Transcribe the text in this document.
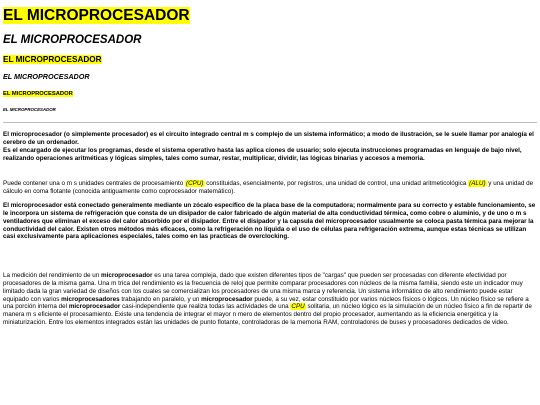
EL MICROPROCESADOR
EL MICROPROCESADOR
EL MICROPROCESADOR
EL MICROPROCESADOR
EL MICROPROCESADOR
EL MICROPROCESADOR
El microprocesador (o simplemente procesador) es el circuito integrado central m s complejo de un sistema informático; a modo de ilustración, se le suele llamar por analogía el cerebro de un ordenador.
Es el encargado de ejecutar los programas, desde el sistema operativo hasta las aplica ciones de usuario; solo ejecuta instrucciones programadas en lenguaje de bajo nivel, realizando operaciones aritméticas y lógicas simples, tales como sumar, restar, multiplicar, dividir, las lógicas binarias y accesos a memoria.

Puede contener una o m s unidades centrales de procesamiento (CPU) constituidas, esencialmente, por registros, una unidad de control, una unidad aritmeticológica (ALU) y una unidad de cálculo en coma flotante (conocida antiguamente como coprocesador matemático).

El microprocesador está conectado generalmente mediante un zócalo específico de la placa base de la computadora; normalmente para su correcto y estable funcionamiento, se le incorpora un sistema de refrigeración que consta de un disipador de calor fabricado de algún material de alta conductividad térmica, como cobre o aluminio, y de uno o m s ventiladores que eliminan el exceso del calor absorbido por el disipador. Entre el disipador y la capsula del microprocesador usualmente se coloca pasta térmica para mejorar la conductividad del calor. Existen otros métodos más eficaces, como la refrigeración no líquida o el uso de células para refrigeración extrema, aunque estas técnicas se utilizan casi exclusivamente para aplicaciones especiales, tales como en las practicas de overclocking.

La medición del rendimiento de un microprocesador es una tarea compleja, dado que existen diferentes tipos de "cargas" que pueden ser procesadas con diferente efectividad por procesadores de la misma gama. Una m trica del rendimiento es la frecuencia de reloj que permite comparar procesadores con núcleos de la misma familia, siendo este un indicador muy limitado dada la gran variedad de diseños con los cuales se comercializan los procesadores de una misma marca y referencia. Un sistema informático de alto rendimiento puede estar equipado con varios microprocesadores trabajando en paralelo, y un microprocesador puede, a su vez, estar constituido por varios núcleos físicos o lógicos. Un núcleo físico se refiere a una porción interna del microprocesador casi-independiente que realiza todas las actividades de una CPU solitaria, un núcleo lógico es la simulación de un núcleo físico a fin de repartir de manera m s eficiente el procesamiento. Existe una tendencia de integrar el mayor n mero de elementos dentro del propio procesador, aumentando as la eficiencia energética y la miniaturización. Entre los elementos integrados están las unidades de punto flotante, controladoras de la memoria RAM, controladores de buses y procesadores dedicados de video.
